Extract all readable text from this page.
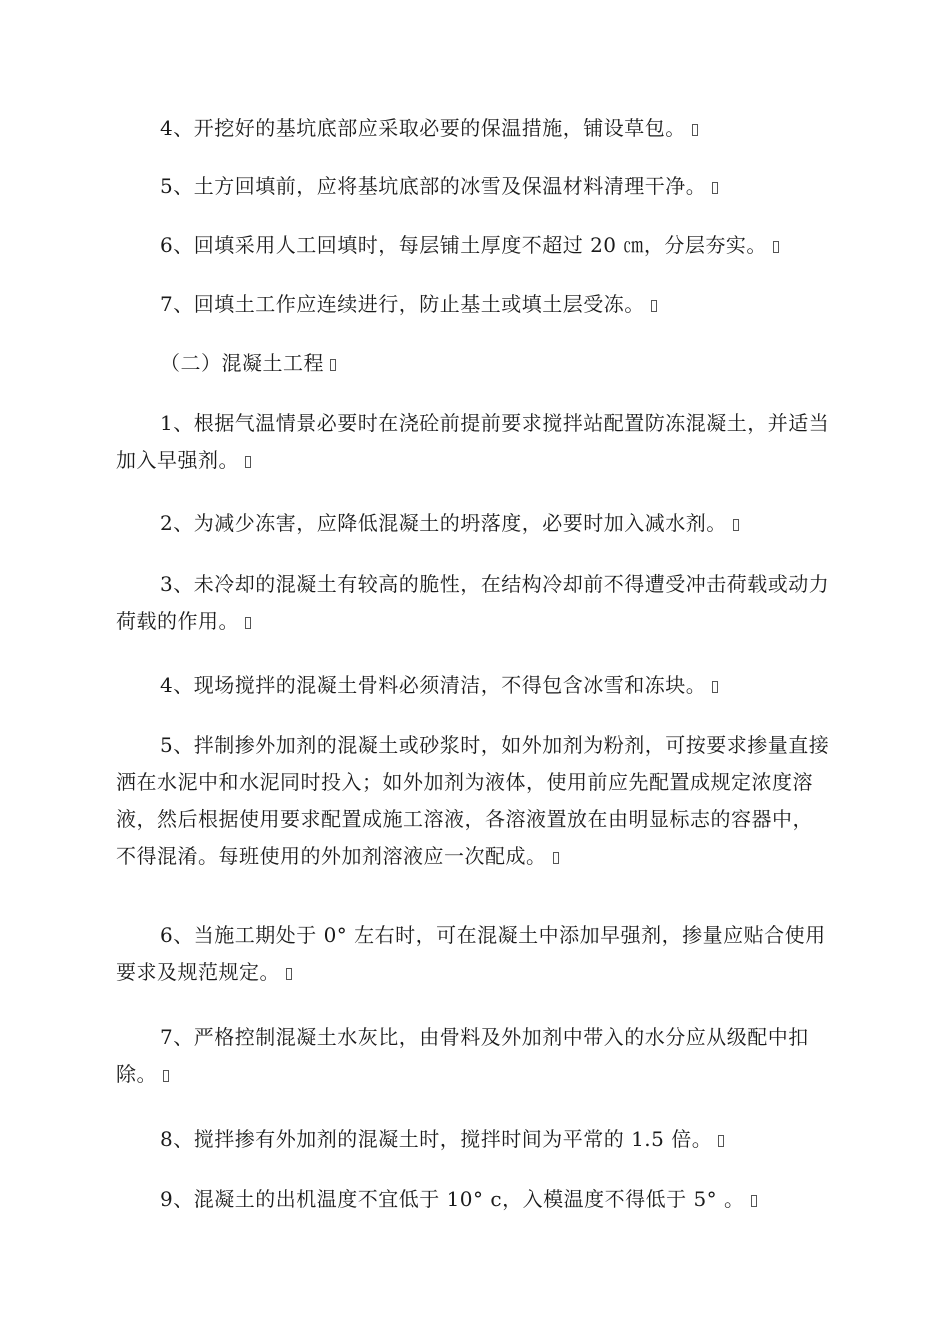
4、开挖好的基坑底部应采取必要的保温措施，铺设草包。

5、土方回填前，应将基坑底部的冰雪及保温材料清理干净。

6、回填采用人工回填时，每层铺土厚度不超过 20 ㎝，分层夯实。

7、回填土工作应连续进行，防止基土或填土层受冻。

（二）混凝土工程

1、根据气温情景必要时在浇砼前提前要求搅拌站配置防冻混凝土，并适当加入早强剂。

2、为减少冻害，应降低混凝土的坍落度，必要时加入减水剂。

3、未冷却的混凝土有较高的脆性，在结构冷却前不得遭受冲击荷载或动力荷载的作用。

4、现场搅拌的混凝土骨料必须清洁，不得包含冰雪和冻块。

5、拌制掺外加剂的混凝土或砂浆时，如外加剂为粉剂，可按要求掺量直接洒在水泥中和水泥同时投入；如外加剂为液体，使用前应先配置成规定浓度溶液，然后根据使用要求配置成施工溶液，各溶液置放在由明显标志的容器中，不得混淆。每班使用的外加剂溶液应一次配成。

6、当施工期处于 0° 左右时，可在混凝土中添加早强剂，掺量应贴合使用要求及规范规定。

7、严格控制混凝土水灰比，由骨料及外加剂中带入的水分应从级配中扣除。

8、搅拌掺有外加剂的混凝土时，搅拌时间为平常的 1.5 倍。

9、混凝土的出机温度不宜低于 10° c，入模温度不得低于 5° 。
